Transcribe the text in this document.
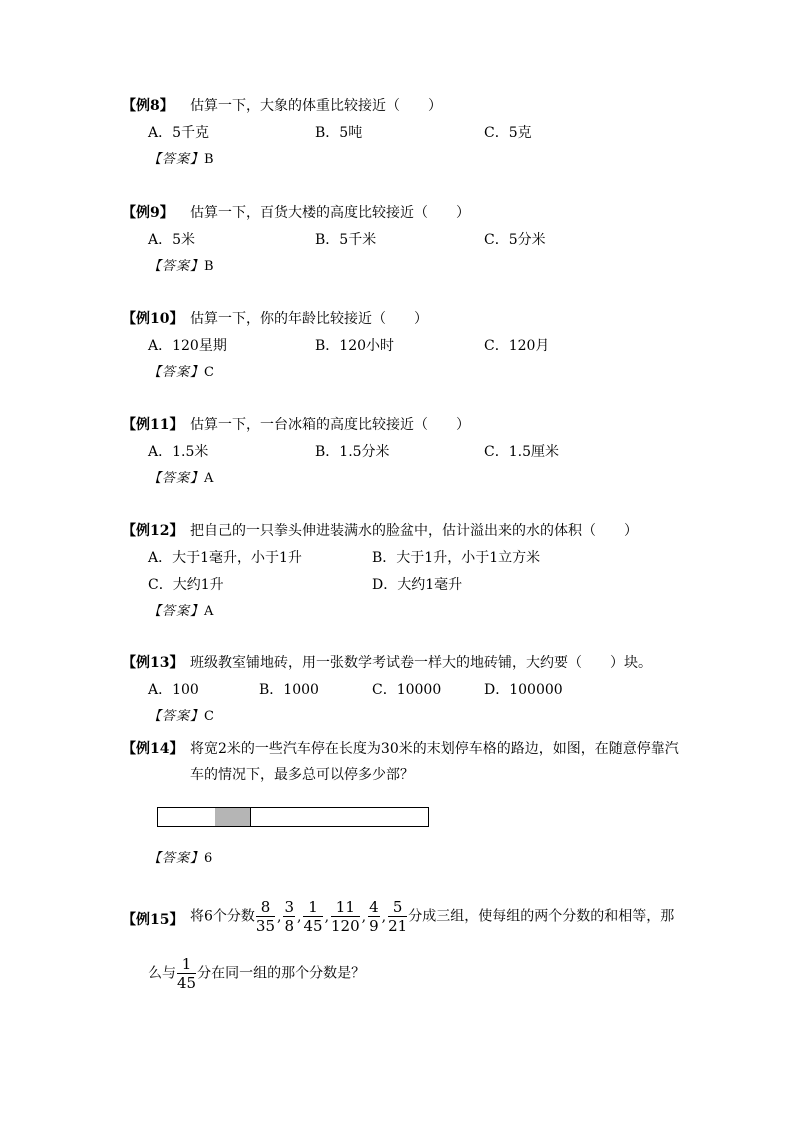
【例8】 估算一下，大象的体重比较接近（　　）
A．5千克	B．5吨	C．5克
【答案】B
【例9】 估算一下，百货大楼的高度比较接近（　　）
A．5米	B．5千米	C．5分米
【答案】B
【例10】 估算一下，你的年龄比较接近（　　）
A．120星期	B．120小时	C．120月
【答案】C
【例11】 估算一下，一台冰箱的高度比较接近（　　）
A．1.5米	B．1.5分米	C．1.5厘米
【答案】A
【例12】 把自己的一只拳头伸进装满水的脸盆中，估计溢出来的水的体积（　　）
A．大于1毫升，小于1升	B．大于1升，小于1立方米
C．大约1升	D．大约1毫升
【答案】A
【例13】 班级教室铺地砖，用一张数学考试卷一样大的地砖铺，大约要（　　）块。
A．100	B．1000	C．10000	D．100000
【答案】C
【例14】 将宽2米的一些汽车停在长度为30米的末划停车格的路边，如图，在随意停靠汽车的情况下，最多总可以停多少部？
【答案】6
【例15】 将6个分数 $\frac{8}{35}$ , $\frac{3}{8}$ , $\frac{1}{45}$ , $\frac{11}{120}$ , $\frac{4}{9}$ , $\frac{5}{21}$ 分成三组，使每组的两个分数的和相等，那
么与 $\frac{1}{45}$ 分在同一组的那个分数是？
